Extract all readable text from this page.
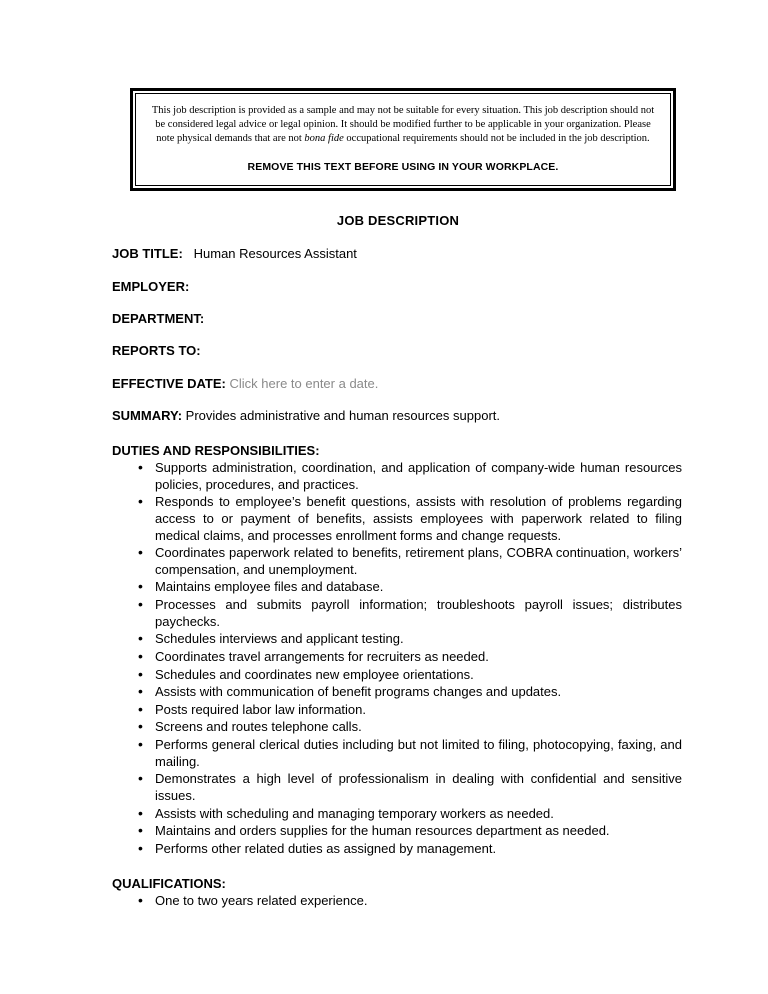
This job description is provided as a sample and may not be suitable for every situation. This job description should not be considered legal advice or legal opinion. It should be modified further to be applicable in your organization. Please note physical demands that are not bona fide occupational requirements should not be included in the job description.

REMOVE THIS TEXT BEFORE USING IN YOUR WORKPLACE.

JOB DESCRIPTION
JOB TITLE: Human Resources Assistant
EMPLOYER:
DEPARTMENT:
REPORTS TO:
EFFECTIVE DATE: Click here to enter a date.
SUMMARY: Provides administrative and human resources support.
DUTIES AND RESPONSIBILITIES:
• Supports administration, coordination, and application of company-wide human resources policies, procedures, and practices.
• Responds to employee’s benefit questions, assists with resolution of problems regarding access to or payment of benefits, assists employees with paperwork related to filing medical claims, and processes enrollment forms and change requests.
• Coordinates paperwork related to benefits, retirement plans, COBRA continuation, workers’ compensation, and unemployment.
• Maintains employee files and database.
• Processes and submits payroll information; troubleshoots payroll issues; distributes paychecks.
• Schedules interviews and applicant testing.
• Coordinates travel arrangements for recruiters as needed.
• Schedules and coordinates new employee orientations.
• Assists with communication of benefit programs changes and updates.
• Posts required labor law information.
• Screens and routes telephone calls.
• Performs general clerical duties including but not limited to filing, photocopying, faxing, and mailing.
• Demonstrates a high level of professionalism in dealing with confidential and sensitive issues.
• Assists with scheduling and managing temporary workers as needed.
• Maintains and orders supplies for the human resources department as needed.
• Performs other related duties as assigned by management.
QUALIFICATIONS:
• One to two years related experience.
